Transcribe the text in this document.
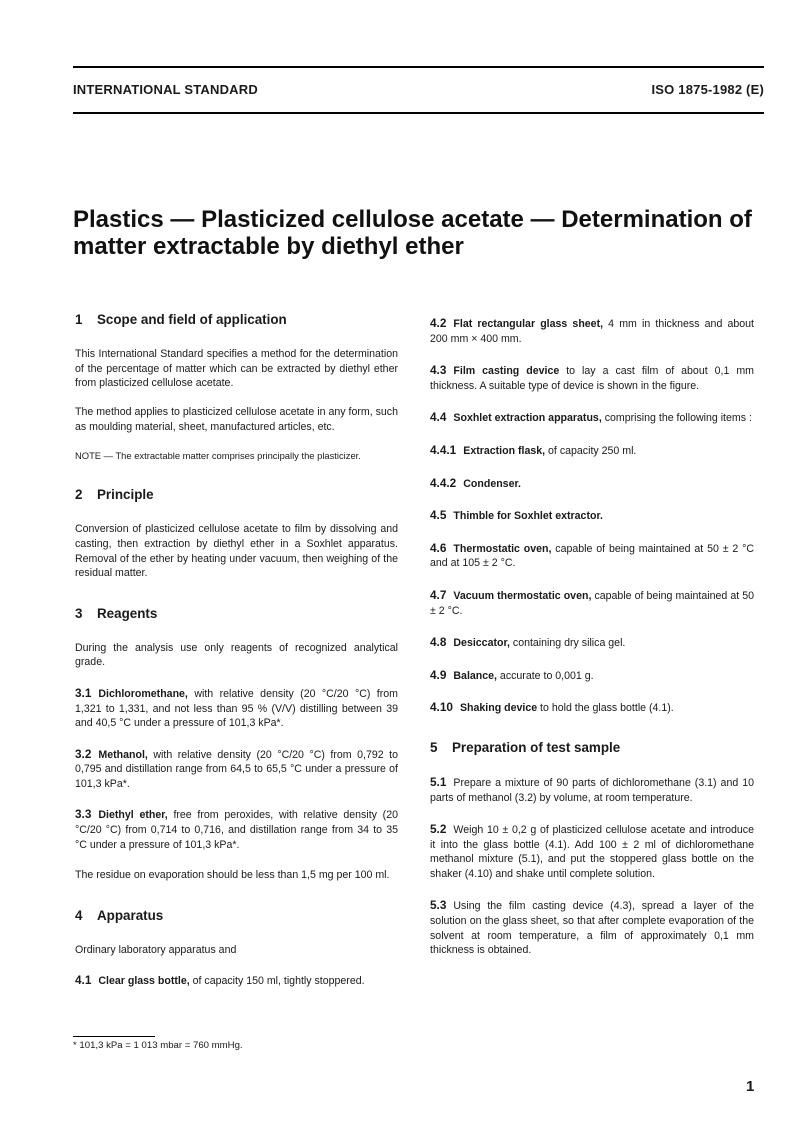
INTERNATIONAL STANDARD	ISO 1875-1982 (E)
Plastics — Plasticized cellulose acetate — Determination of matter extractable by diethyl ether
1 Scope and field of application

This International Standard specifies a method for the determination of the percentage of matter which can be extracted by diethyl ether from plasticized cellulose acetate.

The method applies to plasticized cellulose acetate in any form, such as moulding material, sheet, manufactured articles, etc.

NOTE — The extractable matter comprises principally the plasticizer.

2 Principle

Conversion of plasticized cellulose acetate to film by dissolving and casting, then extraction by diethyl ether in a Soxhlet apparatus. Removal of the ether by heating under vacuum, then weighing of the residual matter.

3 Reagents

During the analysis use only reagents of recognized analytical grade.

3.1 Dichloromethane, with relative density (20 °C/20 °C) from 1,321 to 1,331, and not less than 95 % (V/V) distilling between 39 and 40,5 °C under a pressure of 101,3 kPa*.

3.2 Methanol, with relative density (20 °C/20 °C) from 0,792 to 0,795 and distillation range from 64,5 to 65,5 °C under a pressure of 101,3 kPa*.

3.3 Diethyl ether, free from peroxides, with relative density (20 °C/20 °C) from 0,714 to 0,716, and distillation range from 34 to 35 °C under a pressure of 101,3 kPa*.

The residue on evaporation should be less than 1,5 mg per 100 ml.

4 Apparatus

Ordinary laboratory apparatus and

4.1 Clear glass bottle, of capacity 150 ml, tightly stoppered.

4.2 Flat rectangular glass sheet, 4 mm in thickness and about 200 mm × 400 mm.

4.3 Film casting device to lay a cast film of about 0,1 mm thickness. A suitable type of device is shown in the figure.

4.4 Soxhlet extraction apparatus, comprising the following items :

4.4.1 Extraction flask, of capacity 250 ml.

4.4.2 Condenser.

4.5 Thimble for Soxhlet extractor.

4.6 Thermostatic oven, capable of being maintained at 50 ± 2 °C and at 105 ± 2 °C.

4.7 Vacuum thermostatic oven, capable of being maintained at 50 ± 2 °C.

4.8 Desiccator, containing dry silica gel.

4.9 Balance, accurate to 0,001 g.

4.10 Shaking device to hold the glass bottle (4.1).

5 Preparation of test sample

5.1 Prepare a mixture of 90 parts of dichloromethane (3.1) and 10 parts of methanol (3.2) by volume, at room temperature.

5.2 Weigh 10 ± 0,2 g of plasticized cellulose acetate and introduce it into the glass bottle (4.1). Add 100 ± 2 ml of dichloromethane methanol mixture (5.1), and put the stoppered glass bottle on the shaker (4.10) and shake until complete solution.

5.3 Using the film casting device (4.3), spread a layer of the solution on the glass sheet, so that after complete evaporation of the solvent at room temperature, a film of approximately 0,1 mm thickness is obtained.

* 101,3 kPa = 1 013 mbar = 760 mmHg.
1
